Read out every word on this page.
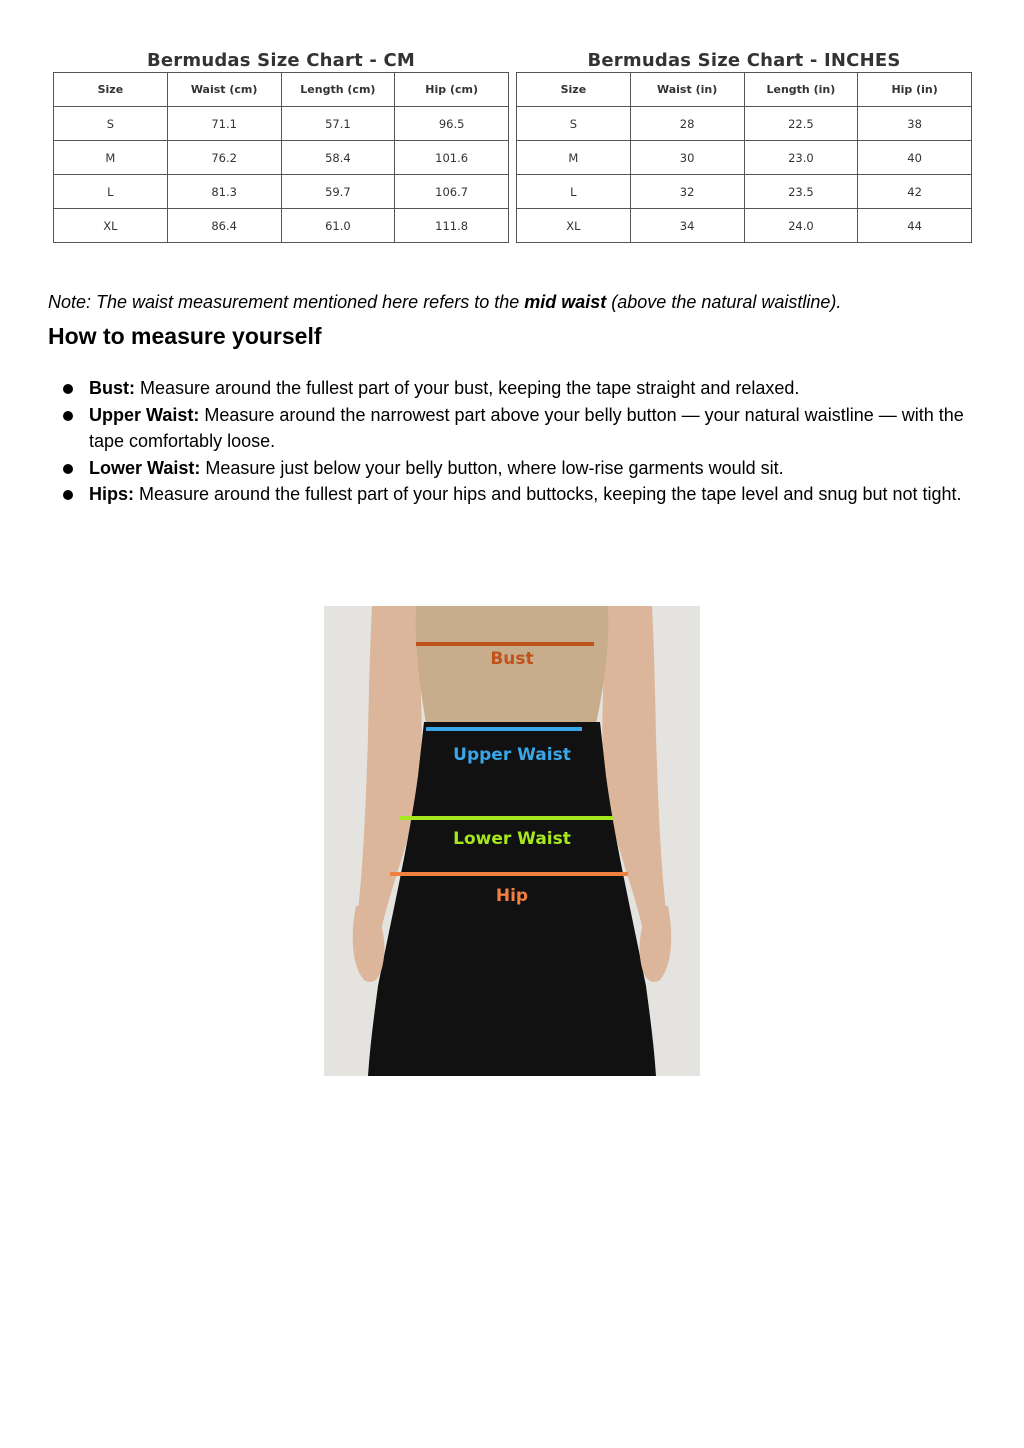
Bermudas Size Chart - CM
Size	Waist (cm)	Length (cm)	Hip (cm)
S	71.1	57.1	96.5
M	76.2	58.4	101.6
L	81.3	59.7	106.7
XL	86.4	61.0	111.8
Bermudas Size Chart - INCHES
Size	Waist (in)	Length (in)	Hip (in)
S	28	22.5	38
M	30	23.0	40
L	32	23.5	42
XL	34	24.0	44

Note: The waist measurement mentioned here refers to the mid waist (above the natural waistline).

How to measure yourself
Bust: Measure around the fullest part of your bust, keeping the tape straight and relaxed.
Upper Waist: Measure around the narrowest part above your belly button — your natural waistline — with the tape comfortably loose.
Lower Waist: Measure just below your belly button, where low-rise garments would sit.
Hips: Measure around the fullest part of your hips and buttocks, keeping the tape level and snug but not tight.
Bust
Upper Waist
Lower Waist
Hip
